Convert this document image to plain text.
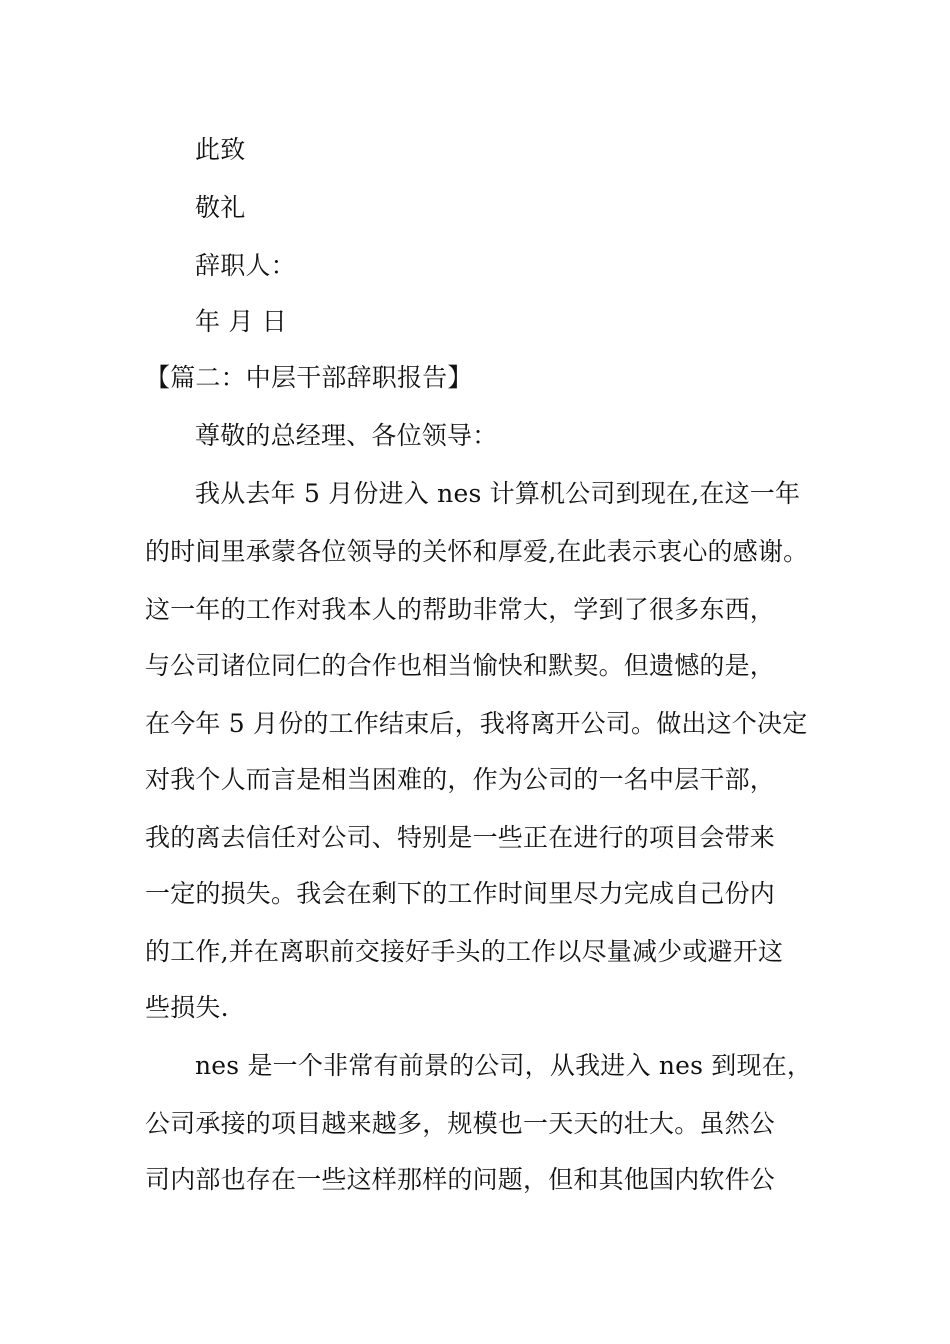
此致
敬礼
辞职人：
年 月 日
【篇二：中层干部辞职报告】
尊敬的总经理、各位领导：
我从去年 5 月份进入 nes 计算机公司到现在,在这一年
的时间里承蒙各位领导的关怀和厚爱,在此表示衷心的感谢。
这一年的工作对我本人的帮助非常大，学到了很多东西，
与公司诸位同仁的合作也相当愉快和默契。但遗憾的是，
在今年 5 月份的工作结束后，我将离开公司。做出这个决定
对我个人而言是相当困难的，作为公司的一名中层干部，
我的离去信任对公司、特别是一些正在进行的项目会带来
一定的损失。我会在剩下的工作时间里尽力完成自己份内
的工作,并在离职前交接好手头的工作以尽量减少或避开这
些损失.
nes 是一个非常有前景的公司，从我进入 nes 到现在，
公司承接的项目越来越多，规模也一天天的壮大。虽然公
司内部也存在一些这样那样的问题，但和其他国内软件公
